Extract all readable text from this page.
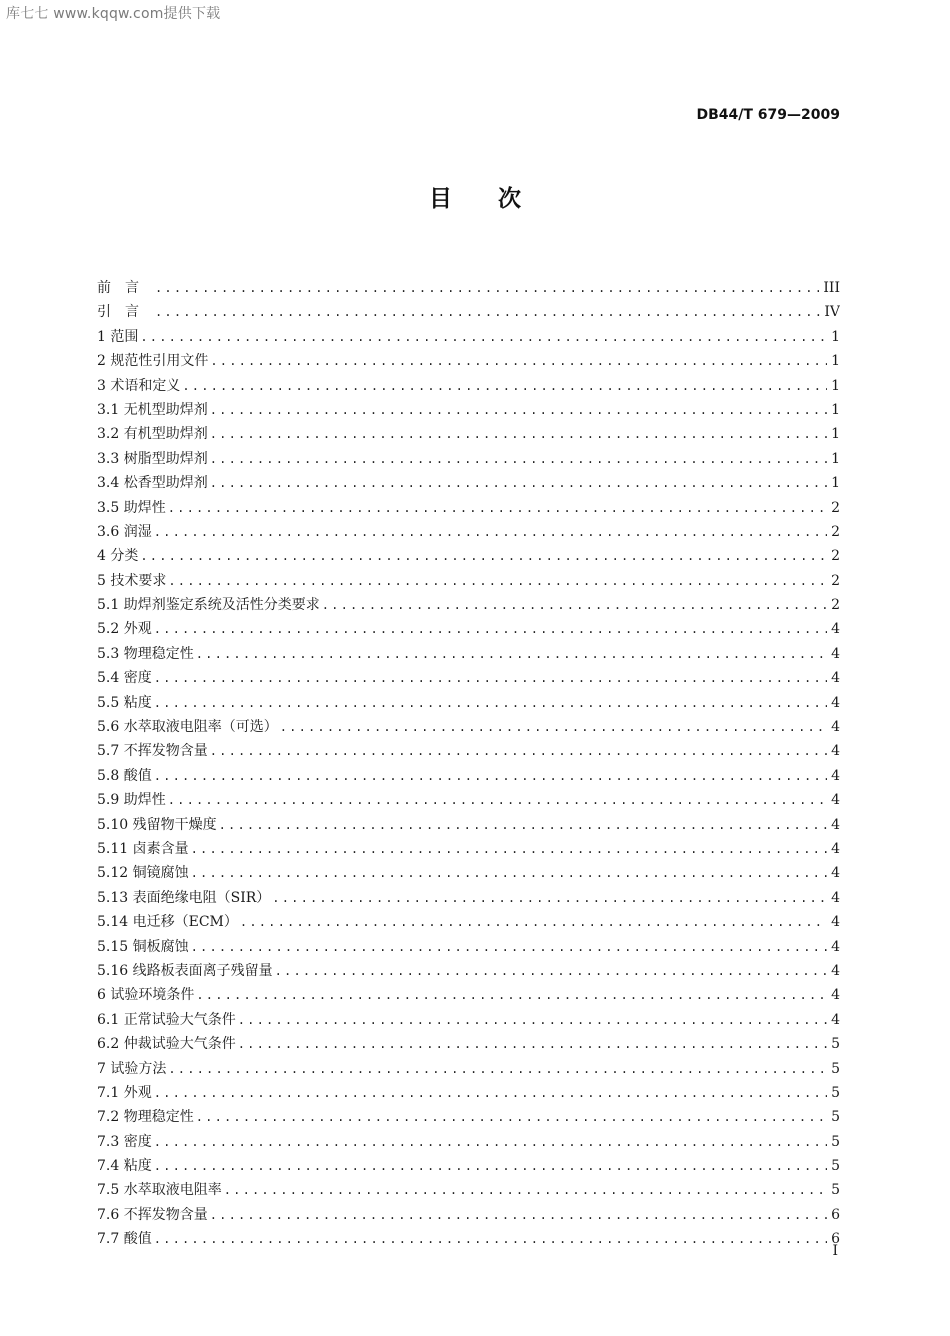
库七七 www.kqqw.com提供下载
DB44/T 679—2009
目次
前言 .....	III
引言 .....	IV
1 范围 .....	1
2 规范性引用文件 .....	1
3 术语和定义 .....	1
3.1 无机型助焊剂 .....	1
3.2 有机型助焊剂 .....	1
3.3 树脂型助焊剂 .....	1
3.4 松香型助焊剂 .....	1
3.5 助焊性 .....	2
3.6 润湿 .....	2
4 分类 .....	2
5 技术要求 .....	2
5.1 助焊剂鉴定系统及活性分类要求 .....	2
5.2 外观 .....	4
5.3 物理稳定性 .....	4
5.4 密度 .....	4
5.5 粘度 .....	4
5.6 水萃取液电阻率（可选） .....	4
5.7 不挥发物含量 .....	4
5.8 酸值 .....	4
5.9 助焊性 .....	4
5.10 残留物干燥度 .....	4
5.11 卤素含量 .....	4
5.12 铜镜腐蚀 .....	4
5.13 表面绝缘电阻（SIR） .....	4
5.14 电迁移（ECM） .....	4
5.15 铜板腐蚀 .....	4
5.16 线路板表面离子残留量 .....	4
6 试验环境条件 .....	4
6.1 正常试验大气条件 .....	4
6.2 仲裁试验大气条件 .....	5
7 试验方法 .....	5
7.1 外观 .....	5
7.2 物理稳定性 .....	5
7.3 密度 .....	5
7.4 粘度 .....	5
7.5 水萃取液电阻率 .....	5
7.6 不挥发物含量 .....	6
7.7 酸值 .....	6
I
